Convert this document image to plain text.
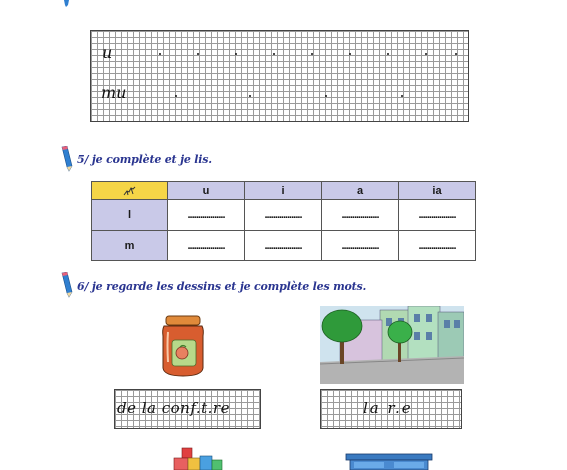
u
mu
5/ je complète et je lis.
	u	i	a	ia
l	..................	..................	..................	..................
m	..................	..................	..................	..................
6/ je regarde les dessins et je complète les mots.
de la conf.t.re	la r.e
